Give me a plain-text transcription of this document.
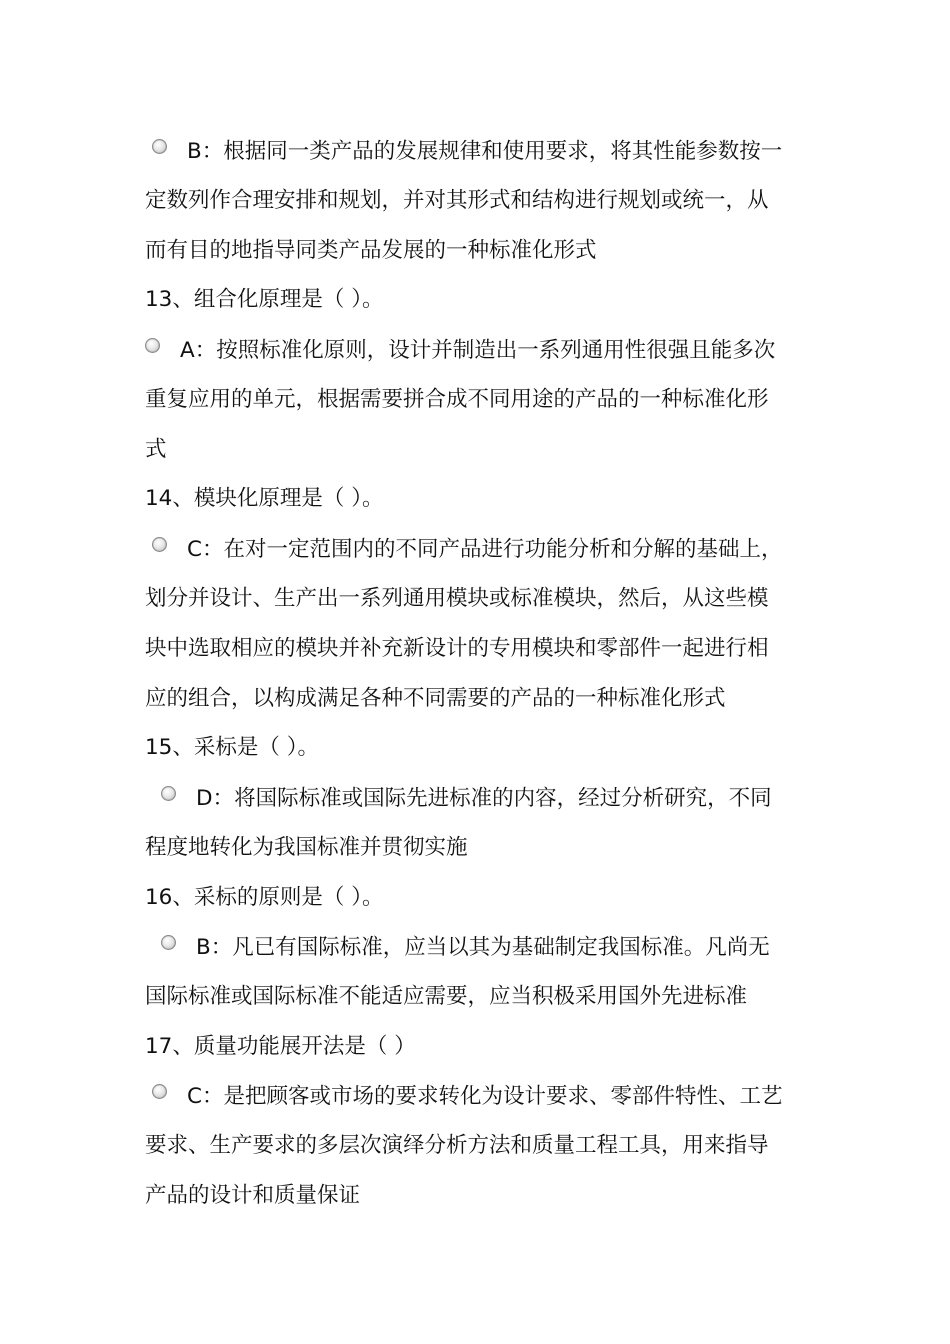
B： 根据同一类产品的发展规律和使用要求，将其性能参数按一
定数列作合理安排和规划，并对其形式和结构进行规划或统一，从
而有目的地指导同类产品发展的一种标准化形式
13、组合化原理是（ ）。
A： 按照标准化原则，设计并制造出一系列通用性很强且能多次
重复应用的单元，根据需要拼合成不同用途的产品的一种标准化形
式
14、模块化原理是（ ）。
C： 在对一定范围内的不同产品进行功能分析和分解的基础上，
划分并设计、生产出一系列通用模块或标准模块，然后，从这些模
块中选取相应的模块并补充新设计的专用模块和零部件一起进行相
应的组合，以构成满足各种不同需要的产品的一种标准化形式
15、采标是（ ）。
D： 将国际标准或国际先进标准的内容，经过分析研究，不同
程度地转化为我国标准并贯彻实施
16、采标的原则是（ ）。
B： 凡已有国际标准，应当以其为基础制定我国标准。凡尚无
国际标准或国际标准不能适应需要，应当积极采用国外先进标准
17、质量功能展开法是（ ）
C： 是把顾客或市场的要求转化为设计要求、零部件特性、工艺
要求、生产要求的多层次演绎分析方法和质量工程工具，用来指导
产品的设计和质量保证
